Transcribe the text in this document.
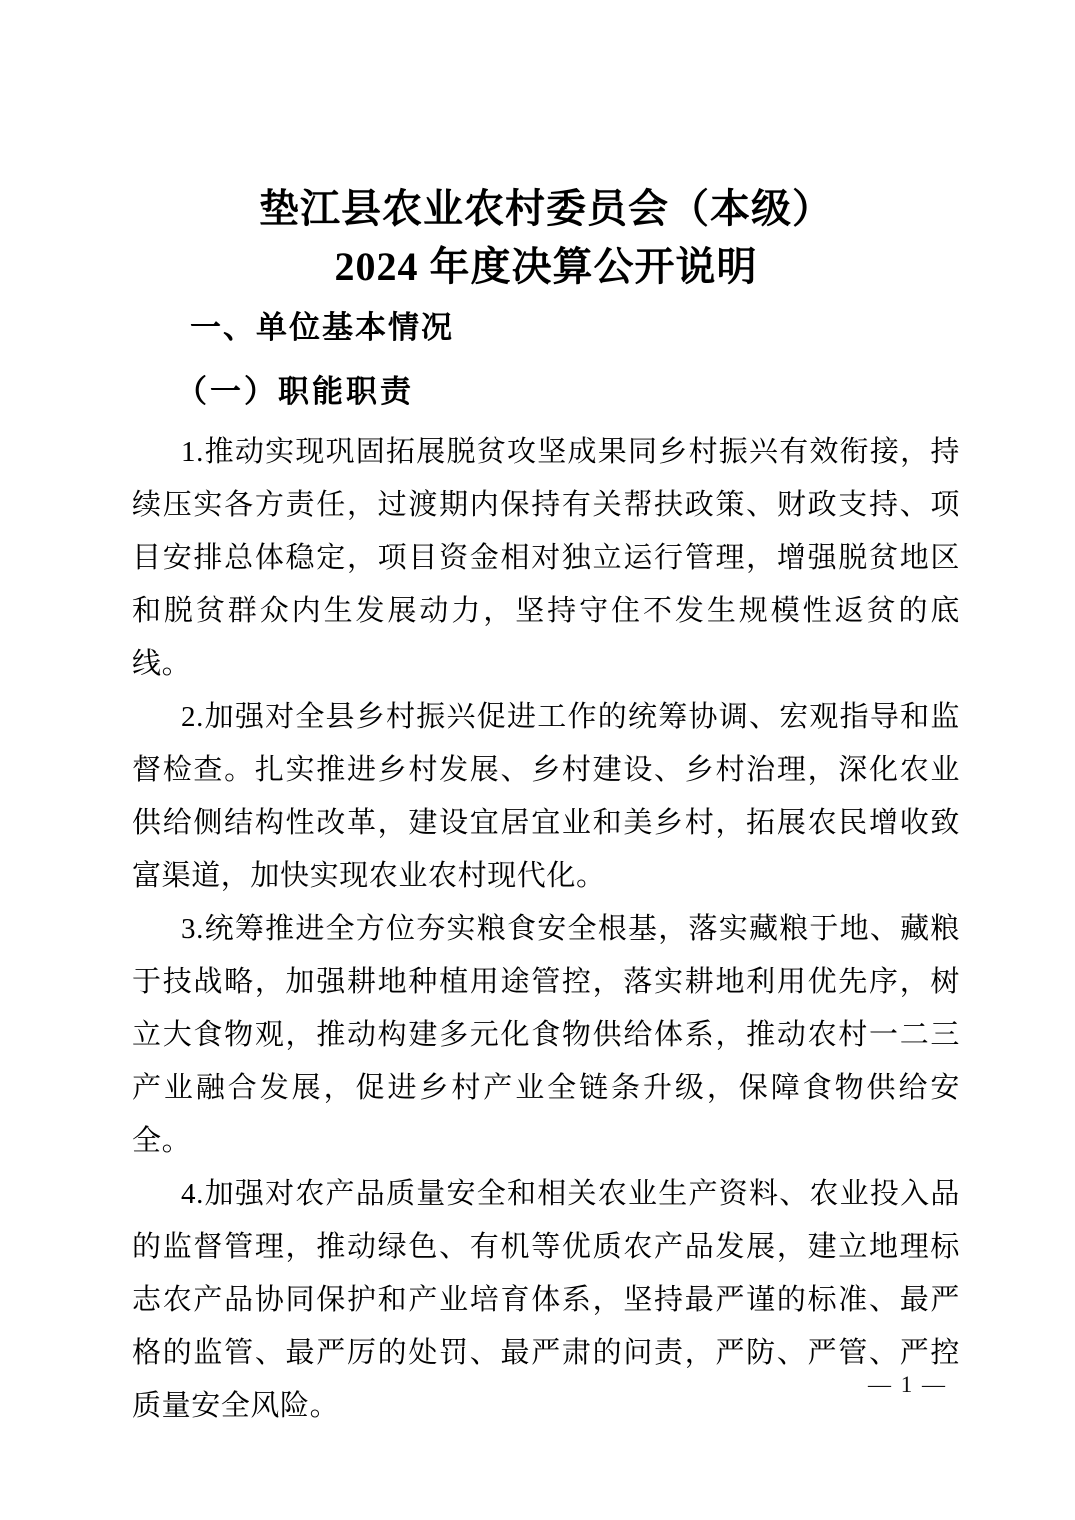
垫江县农业农村委员会（本级）
2024 年度决算公开说明
一、单位基本情况
（一）职能职责

1.推动实现巩固拓展脱贫攻坚成果同乡村振兴有效衔接，持续压实各方责任，过渡期内保持有关帮扶政策、财政支持、项目安排总体稳定，项目资金相对独立运行管理，增强脱贫地区和脱贫群众内生发展动力，坚持守住不发生规模性返贫的底线。

2.加强对全县乡村振兴促进工作的统筹协调、宏观指导和监督检查。扎实推进乡村发展、乡村建设、乡村治理，深化农业供给侧结构性改革，建设宜居宜业和美乡村，拓展农民增收致富渠道，加快实现农业农村现代化。

3.统筹推进全方位夯实粮食安全根基，落实藏粮于地、藏粮于技战略，加强耕地种植用途管控，落实耕地利用优先序，树立大食物观，推动构建多元化食物供给体系，推动农村一二三产业融合发展，促进乡村产业全链条升级，保障食物供给安全。

4.加强对农产品质量安全和相关农业生产资料、农业投入品的监督管理，推动绿色、有机等优质农产品发展，建立地理标志农产品协同保护和产业培育体系，坚持最严谨的标准、最严格的监管、最严厉的处罚、最严肃的问责，严防、严管、严控质量安全风险。

— 1 —
